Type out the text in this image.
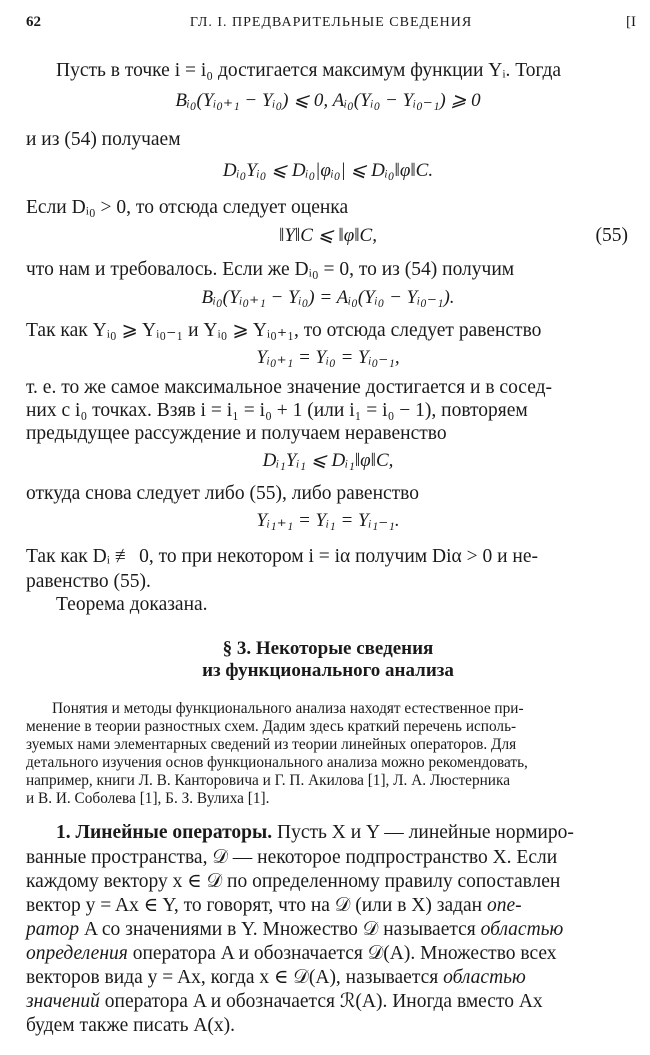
62	ГЛ. I. ПРЕДВАРИТЕЛЬНЫЕ СВЕДЕНИЯ	[I

Пусть в точке i = i₀ достигается максимум функции Yᵢ. Тогда

Bᵢ₀(Yᵢ₀₊₁ − Yᵢ₀) ⩽ 0, Aᵢ₀(Yᵢ₀ − Yᵢ₀₋₁) ⩾ 0

и из (54) получаем

Dᵢ₀Yᵢ₀ ⩽ Dᵢ₀|φᵢ₀| ⩽ Dᵢ₀‖φ‖C.

Если Dᵢ₀ > 0, то отсюда следует оценка

‖Y‖C ⩽ ‖φ‖C,	(55)

что нам и требовалось. Если же Dᵢ₀ = 0, то из (54) получим

Bᵢ₀(Yᵢ₀₊₁ − Yᵢ₀) = Aᵢ₀(Yᵢ₀ − Yᵢ₀₋₁).

Так как Yᵢ₀ ⩾ Yᵢ₀₋₁ и Yᵢ₀ ⩾ Yᵢ₀₊₁, то отсюда следует равенство

Yᵢ₀₊₁ = Yᵢ₀ = Yᵢ₀₋₁,

т. е. то же самое максимальное значение достигается и в сосед-

них с i₀ точках. Взяв i = i₁ = i₀ + 1 (или i₁ = i₀ − 1), повторяем

предыдущее рассуждение и получаем неравенство

Dᵢ₁Yᵢ₁ ⩽ Dᵢ₁‖φ‖C,

откуда снова следует либо (55), либо равенство

Yᵢ₁₊₁ = Yᵢ₁ = Yᵢ₁₋₁.

Так как Dᵢ ≢ 0, то при некотором i = iα получим Diα > 0 и не-

равенство (55).

Теорема доказана.

§ 3. Некоторые сведения
из функционального анализа

Понятия и методы функционального анализа находят естественное при-

менение в теории разностных схем. Дадим здесь краткий перечень исполь-

зуемых нами элементарных сведений из теории линейных операторов. Для

детального изучения основ функционального анализа можно рекомендовать,

например, книги Л. В. Канторовича и Г. П. Акилова [1], Л. А. Люстерника

и В. И. Соболева [1], Б. З. Вулиха [1].

1. Линейные операторы. Пусть X и Y — линейные нормиро-

ванные пространства, 𝒟 — некоторое подпространство X. Если

каждому вектору x ∈ 𝒟 по определенному правилу сопоставлен

вектор y = Ax ∈ Y, то говорят, что на 𝒟 (или в X) задан опе-

ратор A со значениями в Y. Множество 𝒟 называется областью

определения оператора A и обозначается 𝒟(A). Множество всех

векторов вида y = Ax, когда x ∈ 𝒟(A), называется областью

значений оператора A и обозначается ℛ(A). Иногда вместо Ax

будем также писать A(x).
